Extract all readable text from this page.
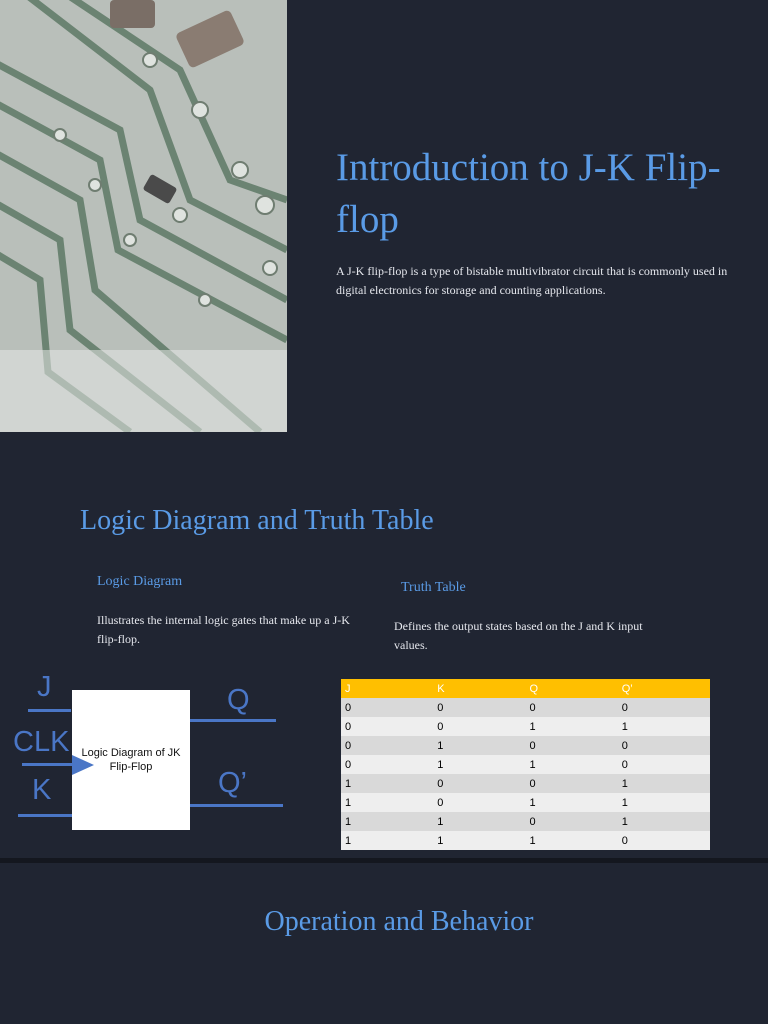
Introduction to J-K Flip-flop
A J-K flip-flop is a type of bistable multivibrator circuit that is commonly used in digital electronics for storage and counting applications.
Logic Diagram and Truth Table
Logic Diagram
Illustrates the internal logic gates that make up a J-K flip-flop.
Truth Table
Defines the output states based on the J and K input values.
J
CLK
K
Logic Diagram of JK Flip-Flop
Q
Q’
J	K	Q	Q’
0	0	0	0
0	0	1	1
0	1	0	0
0	1	1	0
1	0	0	1
1	0	1	1
1	1	0	1
1	1	1	0
Operation and Behavior
